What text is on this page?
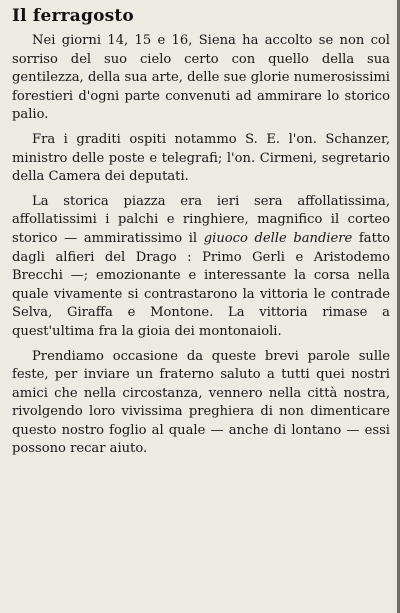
Il ferragosto

Nei giorni 14, 15 e 16, Siena ha accolto se non col sorriso del suo cielo certo con quello della sua gentilezza, della sua arte, delle sue glorie numerosissimi forestieri d'ogni parte convenuti ad ammirare lo storico palio.

Fra i graditi ospiti notammo S. E. l'on. Schanzer, ministro delle poste e telegrafi; l'on. Cirmeni, segretario della Camera dei deputati.

La storica piazza era ieri sera affollatissima, affollatissimi i palchi e ringhiere, magnifico il corteo storico — ammiratissimo il giuoco delle bandiere fatto dagli alfieri del Drago : Primo Gerli e Aristodemo Brecchi —; emozionante e interessante la corsa nella quale vivamente si contrastarono la vittoria le contrade Selva, Giraffa e Montone. La vittoria rimase a quest'ultima fra la gioia dei montonaioli.

Prendiamo occasione da queste brevi parole sulle feste, per inviare un fraterno saluto a tutti quei nostri amici che nella circostanza, vennero nella città nostra, rivolgendo loro vivissima preghiera di non dimenticare questo nostro foglio al quale — anche di lontano — essi possono recar aiuto.
